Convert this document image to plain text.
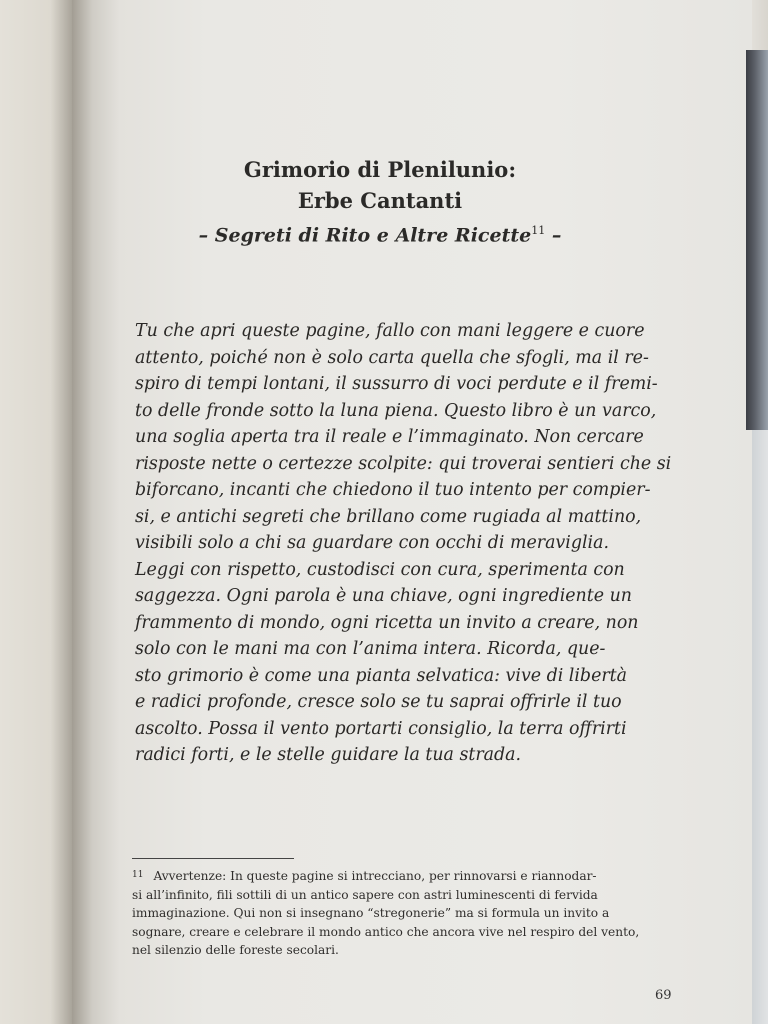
Grimorio di Plenilunio:
Erbe Cantanti
– Segreti di Rito e Altre Ricette$^{11}$ –
Tu che apri queste pagine, fallo con mani leggere e cuore
attento, poiché non è solo carta quella che sfogli, ma il re-
spiro di tempi lontani, il sussurro di voci perdute e il fremi-
to delle fronde sotto la luna piena. Questo libro è un varco,
una soglia aperta tra il reale e l’immaginato. Non cercare
risposte nette o certezze scolpite: qui troverai sentieri che si
biforcano, incanti che chiedono il tuo intento per compier-
si, e antichi segreti che brillano come rugiada al mattino,
visibili solo a chi sa guardare con occhi di meraviglia.
Leggi con rispetto, custodisci con cura, sperimenta con
saggezza. Ogni parola è una chiave, ogni ingrediente un
frammento di mondo, ogni ricetta un invito a creare, non
solo con le mani ma con l’anima intera. Ricorda, que-
sto grimorio è come una pianta selvatica: vive di libertà
e radici profonde, cresce solo se tu saprai offrirle il tuo
ascolto. Possa il vento portarti consiglio, la terra offrirti
radici forti, e le stelle guidare la tua strada.
$^{11}$ Avvertenze: In queste pagine si intrecciano, per rinnovarsi e riannodar-
si all’infinito, fili sottili di un antico sapere con astri luminescenti di fervida
immaginazione. Qui non si insegnano “stregonerie” ma si formula un invito a
sognare, creare e celebrare il mondo antico che ancora vive nel respiro del vento,
nel silenzio delle foreste secolari.
69
